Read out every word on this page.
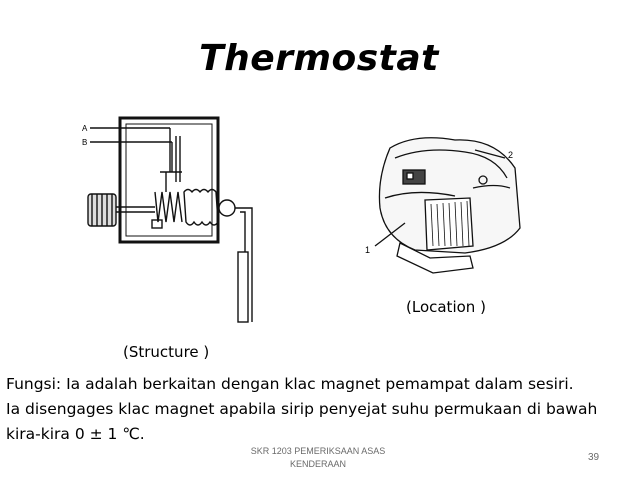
Thermostat
A
B
1
2
(Location )
(Structure )
Fungsi: Ia adalah berkaitan dengan klac magnet pemampat dalam sesiri.
Ia disengages klac magnet apabila sirip penyejat suhu permukaan di bawah
kira-kira 0 ± 1 ℃.
SKR 1203 PEMERIKSAAN ASAS
KENDERAAN
39
